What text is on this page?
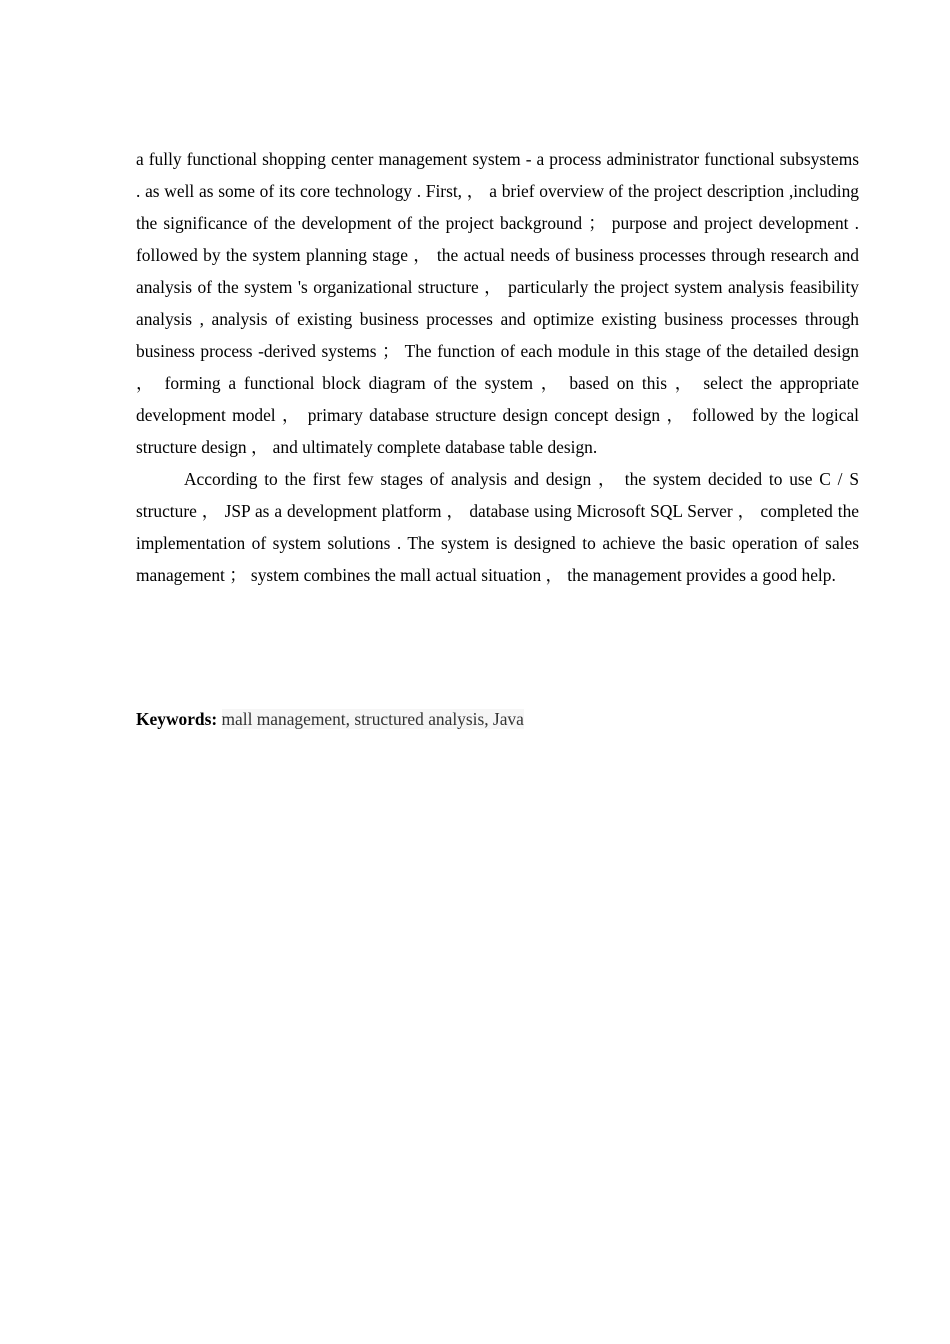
a fully functional shopping center management system - a process administrator functional subsystems . as well as some of its core technology . First, ， a brief overview of the project description ,including the significance of the development of the project background ； purpose and project development . followed by the system planning stage ， the actual needs of business processes through research and analysis of the system 's organizational structure ， particularly the project system analysis feasibility analysis , analysis of existing business processes and optimize existing business processes through business process -derived systems ； The function of each module in this stage of the detailed design ， forming a functional block diagram of the system ， based on this ， select the appropriate development model ， primary database structure design concept design ， followed by the logical structure design ， and ultimately complete database table design.

According to the first few stages of analysis and design ， the system decided to use C / S structure ， JSP as a development platform ， database using Microsoft SQL Server ， completed the implementation of system solutions . The system is designed to achieve the basic operation of sales management ； system combines the mall actual situation ， the management provides a good help.

Keywords: mall management, structured analysis, Java
